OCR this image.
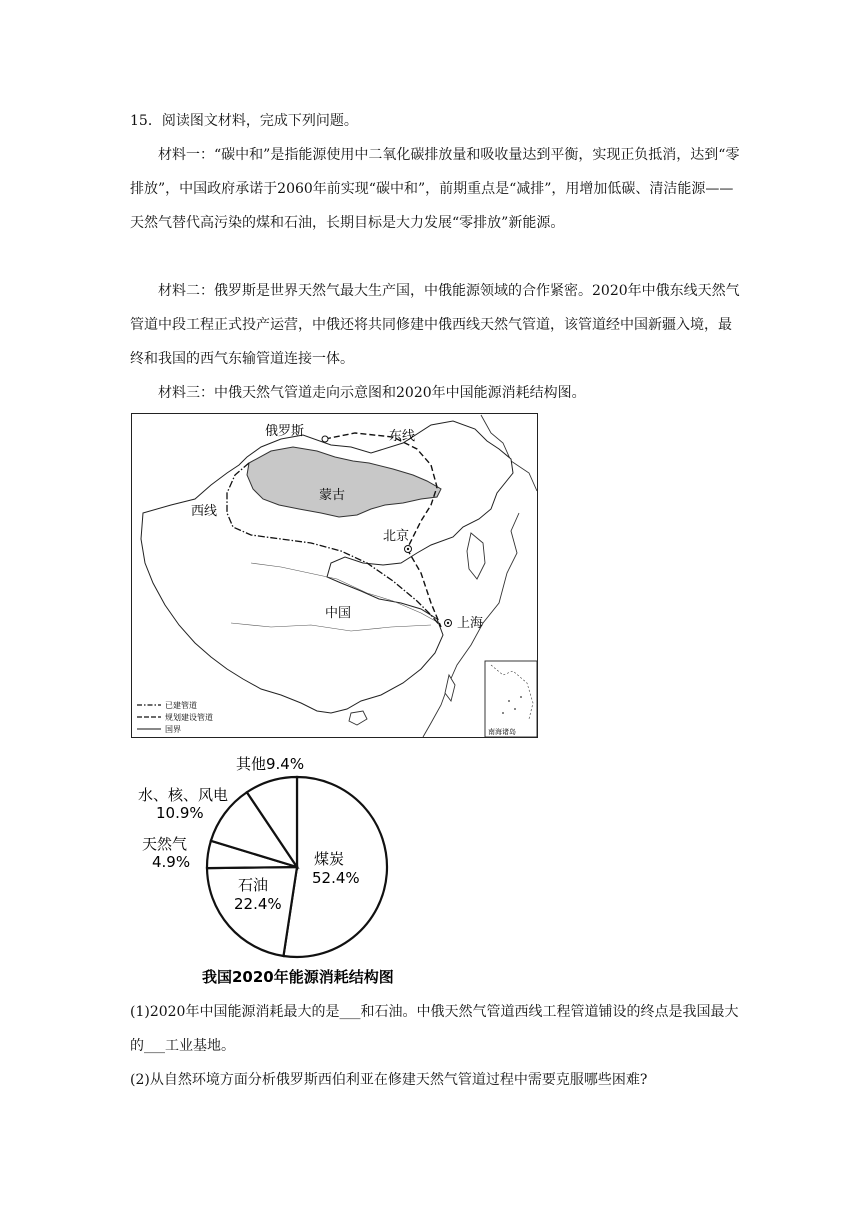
15．阅读图文材料，完成下列问题。

材料一：“碳中和”是指能源使用中二氧化碳排放量和吸收量达到平衡，实现正负抵消，达到“零排放”，中国政府承诺于2060年前实现“碳中和”，前期重点是“减排”，用增加低碳、清洁能源——天然气替代高污染的煤和石油，长期目标是大力发展“零排放”新能源。

材料二：俄罗斯是世界天然气最大生产国，中俄能源领域的合作紧密。2020年中俄东线天然气管道中段工程正式投产运营，中俄还将共同修建中俄西线天然气管道，该管道经中国新疆入境，最终和我国的西气东输管道连接一体。

材料三：中俄天然气管道走向示意图和2020年中国能源消耗结构图。

俄罗斯	东线
蒙古
西线
北京
中国
上海
南海诸岛
已建管道
规划建设管道
国界
其他9.4%
水、核、风电
10.9%
天然气
4.9%	煤炭
52.4%
石油
22.4%
我国2020年能源消耗结构图

(1)2020年中国能源消耗最大的是___和石油。中俄天然气管道西线工程管道铺设的终点是我国最大的___工业基地。

(2)从自然环境方面分析俄罗斯西伯利亚在修建天然气管道过程中需要克服哪些困难?
